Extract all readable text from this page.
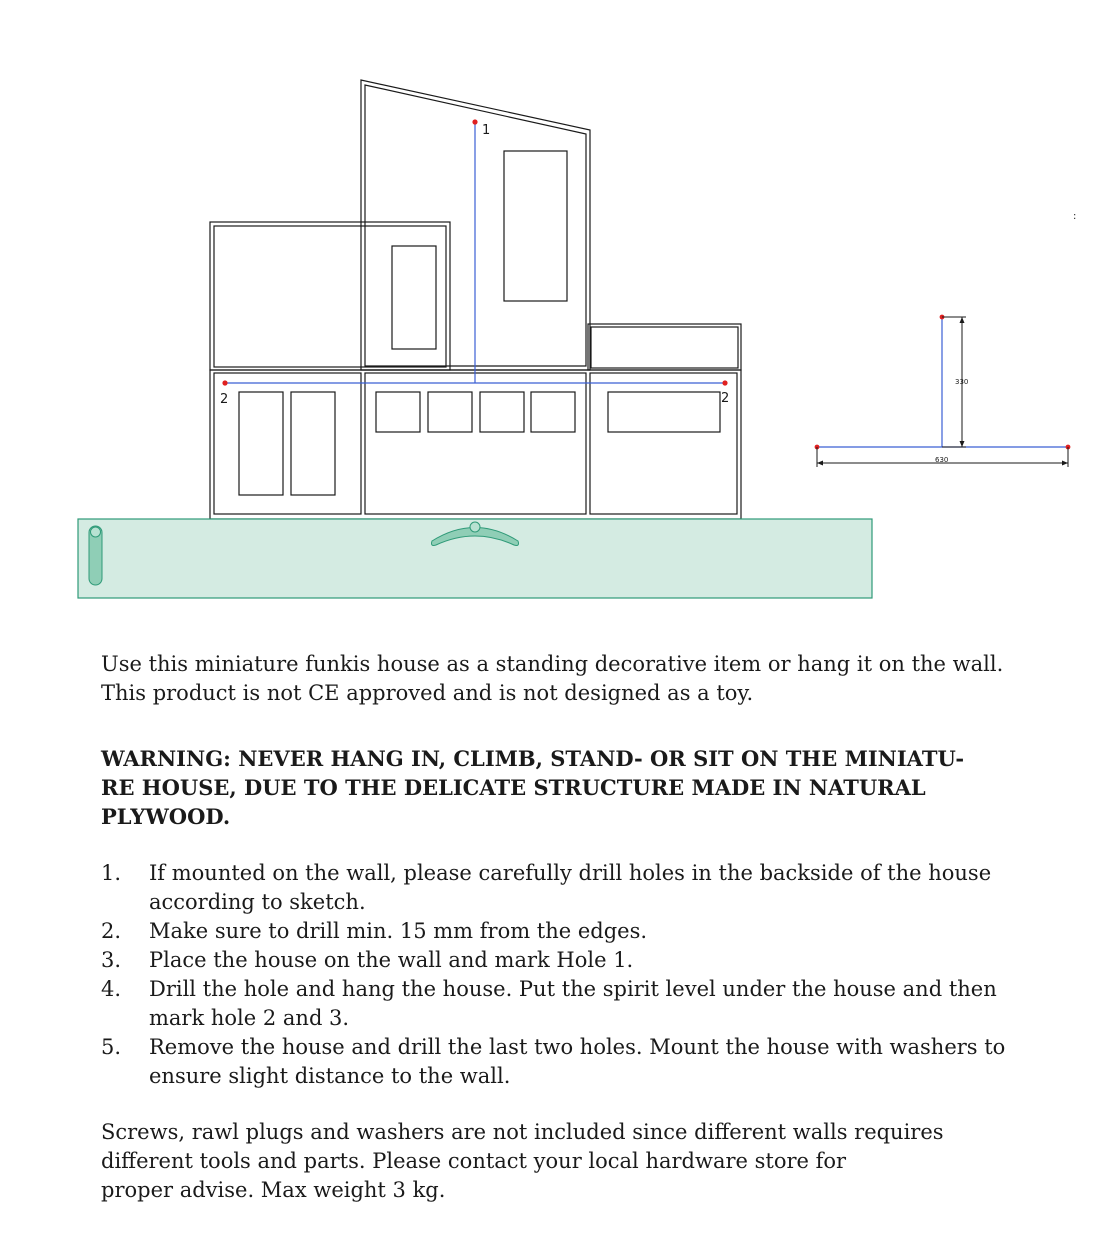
1
2	2
330
630
:
Use this miniature funkis house as a standing decorative item or hang it on the wall.
This product is not CE approved and is not designed as a toy.
WARNING: NEVER HANG IN, CLIMB, STAND- OR SIT ON THE MINIATU-
RE HOUSE, DUE TO THE DELICATE STRUCTURE MADE IN NATURAL
PLYWOOD.
1.	If mounted on the wall, please carefully drill holes in the backside of the house
according to sketch.
2.	Make sure to drill min. 15 mm from the edges.
3.	Place the house on the wall and mark Hole 1.
4.	Drill the hole and hang the house. Put the spirit level under the house and then
mark hole 2 and 3.
5.	Remove the house and drill the last two holes. Mount the house with washers to
ensure slight distance to the wall.
Screws, rawl plugs and washers are not included since different walls requires
different tools and parts. Please contact your local hardware store for
proper advise. Max weight 3 kg.
